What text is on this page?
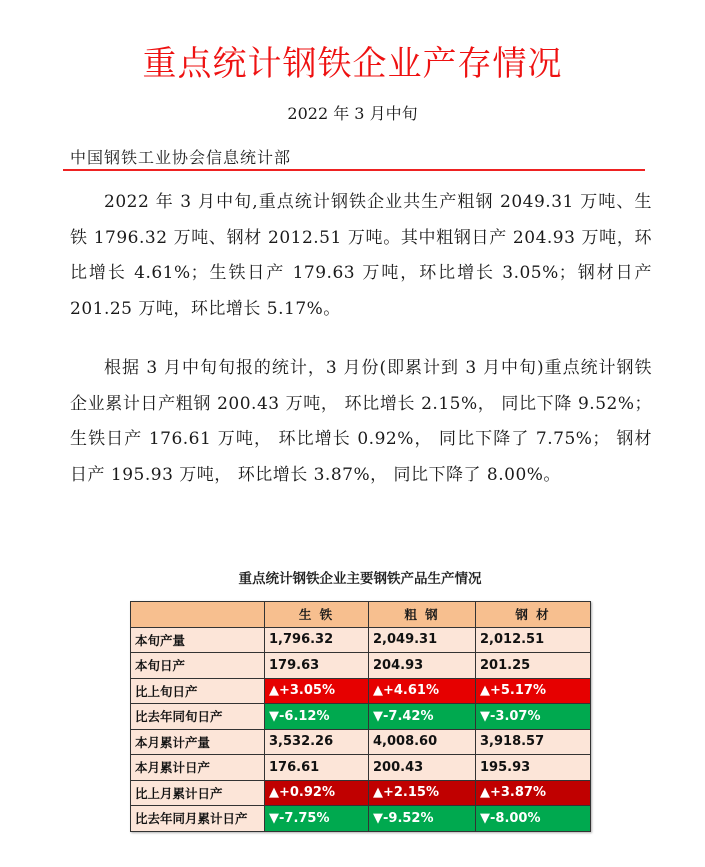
重点统计钢铁企业产存情况
2022 年 3 月中旬
中国钢铁工业协会信息统计部
2022 年 3 月中旬,重点统计钢铁企业共生产粗钢 2049.31 万吨、生铁 1796.32 万吨、钢材 2012.51 万吨。其中粗钢日产 204.93 万吨，环比增长 4.61%；生铁日产 179.63 万吨，环比增长 3.05%；钢材日产 201.25 万吨，环比增长 5.17%。
根据 3 月中旬旬报的统计，3 月份(即累计到 3 月中旬)重点统计钢铁企业累计日产粗钢 200.43 万吨， 环比增长 2.15%， 同比下降 9.52%； 生铁日产 176.61 万吨， 环比增长 0.92%， 同比下降了 7.75%； 钢材日产 195.93 万吨， 环比增长 3.87%， 同比下降了 8.00%。
重点统计钢铁企业主要钢铁产品生产情况
	生 铁	粗 钢	钢 材
本旬产量	1,796.32	2,049.31	2,012.51
本旬日产	179.63	204.93	201.25
比上旬日产	▲+3.05%	▲+4.61%	▲+5.17%
比去年同旬日产	▼-6.12%	▼-7.42%	▼-3.07%
本月累计产量	3,532.26	4,008.60	3,918.57
本月累计日产	176.61	200.43	195.93
比上月累计日产	▲+0.92%	▲+2.15%	▲+3.87%
比去年同月累计日产	▼-7.75%	▼-9.52%	▼-8.00%
